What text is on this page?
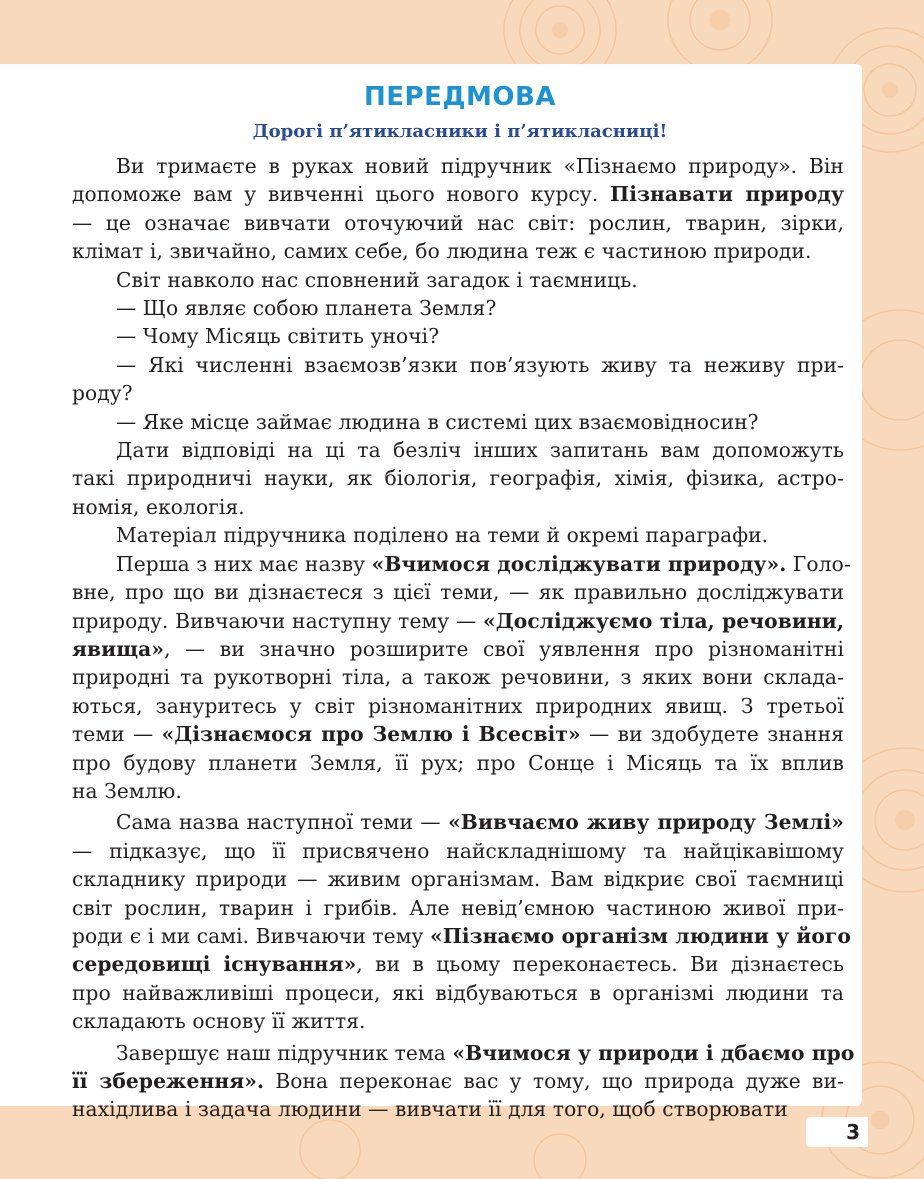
ПЕРЕДМОВА
Дорогі п’ятикласники і п’ятикласниці!
Ви тримаєте в руках новий підручник «Пізнаємо природу». Він
допоможе вам у вивченні цього нового курсу. Пізнавати природу
— це означає вивчати оточуючий нас світ: рослин, тварин, зірки,
клімат і, звичайно, самих себе, бо людина теж є частиною природи.
Світ навколо нас сповнений загадок і таємниць.
— Що являє собою планета Земля?
— Чому Місяць світить уночі?
— Які численні взаємозв’язки пов’язують живу та неживу при-
роду?
— Яке місце займає людина в системі цих взаємовідносин?
Дати відповіді на ці та безліч інших запитань вам допоможуть
такі природничі науки, як біологія, географія, хімія, фізика, астро-
номія, екологія.
Матеріал підручника поділено на теми й окремі параграфи.
Перша з них має назву «Вчимося досліджувати природу». Голо-
вне, про що ви дізнаєтеся з цієї теми, — як правильно досліджувати
природу. Вивчаючи наступну тему — «Досліджуємо тіла, речовини,
явища», — ви значно розширите свої уявлення про різноманітні
природні та рукотворні тіла, а також речовини, з яких вони склада-
ються, зануритесь у світ різноманітних природних явищ. З третьої
теми — «Дізнаємося про Землю і Всесвіт» — ви здобудете знання
про будову планети Земля, її рух; про Сонце і Місяць та їх вплив
на Землю.
Сама назва наступної теми — «Вивчаємо живу природу Землі»
— підказує, що її присвячено найскладнішому та найцікавішому
складнику природи — живим організмам. Вам відкриє свої таємниці
світ рослин, тварин і грибів. Але невід’ємною частиною живої при-
роди є і ми самі. Вивчаючи тему «Пізнаємо організм людини у його
середовищі існування», ви в цьому переконаєтесь. Ви дізнаєтесь
про найважливіші процеси, які відбуваються в організмі людини та
складають основу її життя.
Завершує наш підручник тема «Вчимося у природи і дбаємо про
її збереження». Вона переконає вас у тому, що природа дуже ви-
нахідлива і задача людини — вивчати її для того, щоб створювати
3
